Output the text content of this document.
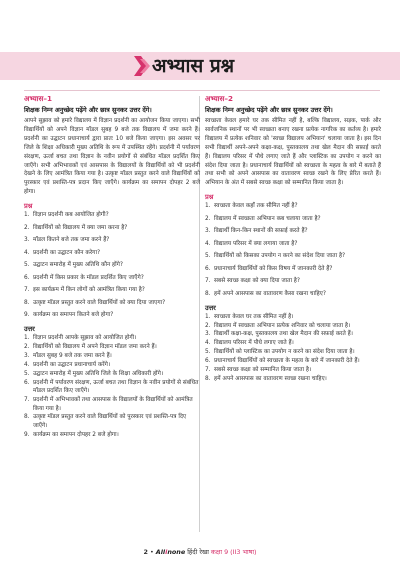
अभ्यास प्रश्न
अभ्यास–1
शिक्षक निम्न अनुच्छेद पढ़ेंगे और छात्र सुनकर उत्तर देंगे।

आपने सुझाव को हमारे विद्यालय में विज्ञान प्रदर्शनी का आयोजन किया जाएगा। सभी विद्यार्थियों को अपने विज्ञान मॉडल सुबह 9 बजे तक विद्यालय में जमा करने हैं। प्रदर्शनी का उद्घाटन प्रधानाचार्य द्वारा प्रातः 10 बजे किया जाएगा। इस अवसर पर जिले के शिक्षा अधिकारी मुख्य अतिथि के रूप में उपस्थित रहेंगे। प्रदर्शनी में पर्यावरण संरक्षण, ऊर्जा बचत तथा विज्ञान के नवीन प्रयोगों से संबंधित मॉडल प्रदर्शित किए जाएँगे। सभी अभिभावकों एवं आसपास के विद्यालयों के विद्यार्थियों को भी प्रदर्शनी देखने के लिए आमंत्रित किया गया है। उत्कृष्ट मॉडल प्रस्तुत करने वाले विद्यार्थियों को पुरस्कार एवं प्रशस्ति-पत्र प्रदान किए जाएँगे। कार्यक्रम का समापन दोपहर 2 बजे होगा।

प्रश्न
1. विज्ञान प्रदर्शनी कब आयोजित होगी?
2. विद्यार्थियों को विद्यालय में क्या जमा करना है?
3. मॉडल कितने बजे तक जमा करने हैं?
4. प्रदर्शनी का उद्घाटन कौन करेगा?
5. उद्घाटन समारोह में मुख्य अतिथि कौन होंगे?
6. प्रदर्शनी में किस प्रकार के मॉडल प्रदर्शित किए जाएँगे?
7. इस कार्यक्रम में किन लोगों को आमंत्रित किया गया है?
8. उत्कृष्ट मॉडल प्रस्तुत करने वाले विद्यार्थियों को क्या दिया जाएगा?
9. कार्यक्रम का समापन कितने बजे होगा?
उत्तर
1. विज्ञान प्रदर्शनी आपके सुझाव को आयोजित होगी।
2. विद्यार्थियों को विद्यालय में अपने विज्ञान मॉडल जमा करने हैं।
3. मॉडल सुबह 9 बजे तक जमा करने हैं।
4. प्रदर्शनी का उद्घाटन प्रधानाचार्य करेंगे।
5. उद्घाटन समारोह में मुख्य अतिथि जिले के शिक्षा अधिकारी होंगे।
6. प्रदर्शनी में पर्यावरण संरक्षण, ऊर्जा बचत तथा विज्ञान के नवीन प्रयोगों से संबंधित मॉडल प्रदर्शित किए जाएँगे।
7. प्रदर्शनी में अभिभावकों तथा आसपास के विद्यालयों के विद्यार्थियों को आमंत्रित किया गया है।
8. उत्कृष्ट मॉडल प्रस्तुत करने वाले विद्यार्थियों को पुरस्कार एवं प्रशस्ति-पत्र दिए जाएँगे।
9. कार्यक्रम का समापन दोपहर 2 बजे होगा।
अभ्यास–2
शिक्षक निम्न अनुच्छेद पढ़ेंगे और छात्र सुनकर उत्तर देंगे।

स्वच्छता केवल हमारे घर तक सीमित नहीं है, बल्कि विद्यालय, सड़क, पार्क और सार्वजनिक स्थानों पर भी स्वच्छता बनाए रखना प्रत्येक नागरिक का कर्तव्य है। हमारे विद्यालय में प्रत्येक शनिवार को 'स्वच्छ विद्यालय अभियान' चलाया जाता है। इस दिन सभी विद्यार्थी अपने-अपने कक्षा-कक्ष, पुस्तकालय तथा खेल मैदान की सफ़ाई करते हैं। विद्यालय परिसर में पौधे लगाए जाते हैं और प्लास्टिक का उपयोग न करने का संदेश दिया जाता है। प्रधानाचार्य विद्यार्थियों को स्वच्छता के महत्व के बारे में बताते हैं तथा सभी को अपने आसपास का वातावरण स्वच्छ रखने के लिए प्रेरित करते हैं। अभियान के अंत में सबसे स्वच्छ कक्षा को सम्मानित किया जाता है।

प्रश्न
1. स्वच्छता केवल कहाँ तक सीमित नहीं है?
2. विद्यालय में स्वच्छता अभियान कब चलाया जाता है?
3. विद्यार्थी किन-किन स्थानों की सफ़ाई करते हैं?
4. विद्यालय परिसर में क्या लगाया जाता है?
5. विद्यार्थियों को किसका उपयोग न करने का संदेश दिया जाता है?
6. प्रधानाचार्य विद्यार्थियों को किस विषय में जानकारी देते हैं?
7. सबसे स्वच्छ कक्षा को क्या दिया जाता है?
8. हमें अपने आसपास का वातावरण कैसा रखना चाहिए?
उत्तर
1. स्वच्छता केवल घर तक सीमित नहीं है।
2. विद्यालय में स्वच्छता अभियान प्रत्येक शनिवार को चलाया जाता है।
3. विद्यार्थी कक्षा-कक्ष, पुस्तकालय तथा खेल मैदान की सफ़ाई करते हैं।
4. विद्यालय परिसर में पौधे लगाए जाते हैं।
5. विद्यार्थियों को प्लास्टिक का उपयोग न करने का संदेश दिया जाता है।
6. प्रधानाचार्य विद्यार्थियों को स्वच्छता के महत्व के बारे में जानकारी देते हैं।
7. सबसे स्वच्छ कक्षा को सम्मानित किया जाता है।
8. हमें अपने आसपास का वातावरण स्वच्छ रखना चाहिए।
2 • Allinone हिंदी रेखा कक्षा 9 (II3 भाषा)
